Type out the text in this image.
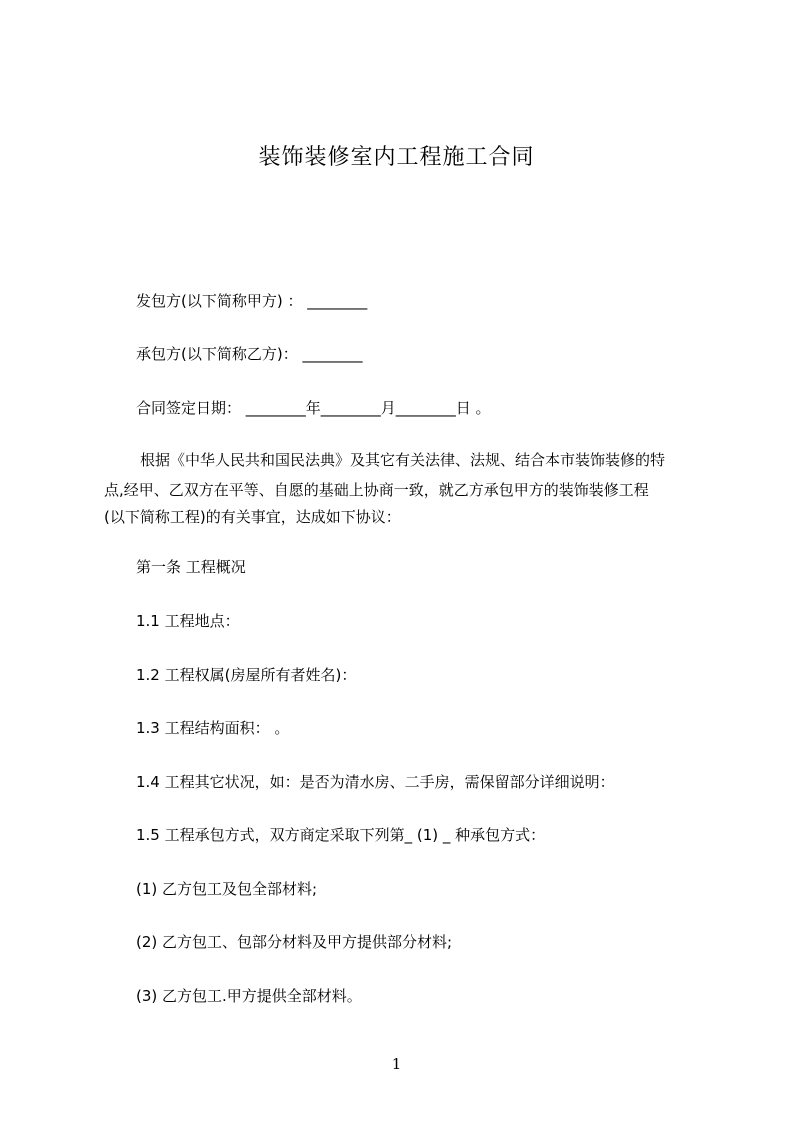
装饰装修室内工程施工合同
发包方(以下简称甲方) ： ________
承包方(以下简称乙方)： ________
合同签定日期： ________年________月________日 。
根据《中华人民共和国民法典》及其它有关法律、法规、结合本市装饰装修的特
点,经甲、乙双方在平等、自愿的基础上协商一致，就乙方承包甲方的装饰装修工程
(以下简称工程)的有关事宜，达成如下协议：
第一条 工程概况
1.1 工程地点：
1.2 工程权属(房屋所有者姓名)：
1.3 工程结构面积： 。
1.4 工程其它状况，如：是否为清水房、二手房，需保留部分详细说明：
1.5 工程承包方式，双方商定采取下列第_ (1) _ 种承包方式：
(1) 乙方包工及包全部材料;
(2) 乙方包工、包部分材料及甲方提供部分材料;
(3) 乙方包工.甲方提供全部材料。
1
